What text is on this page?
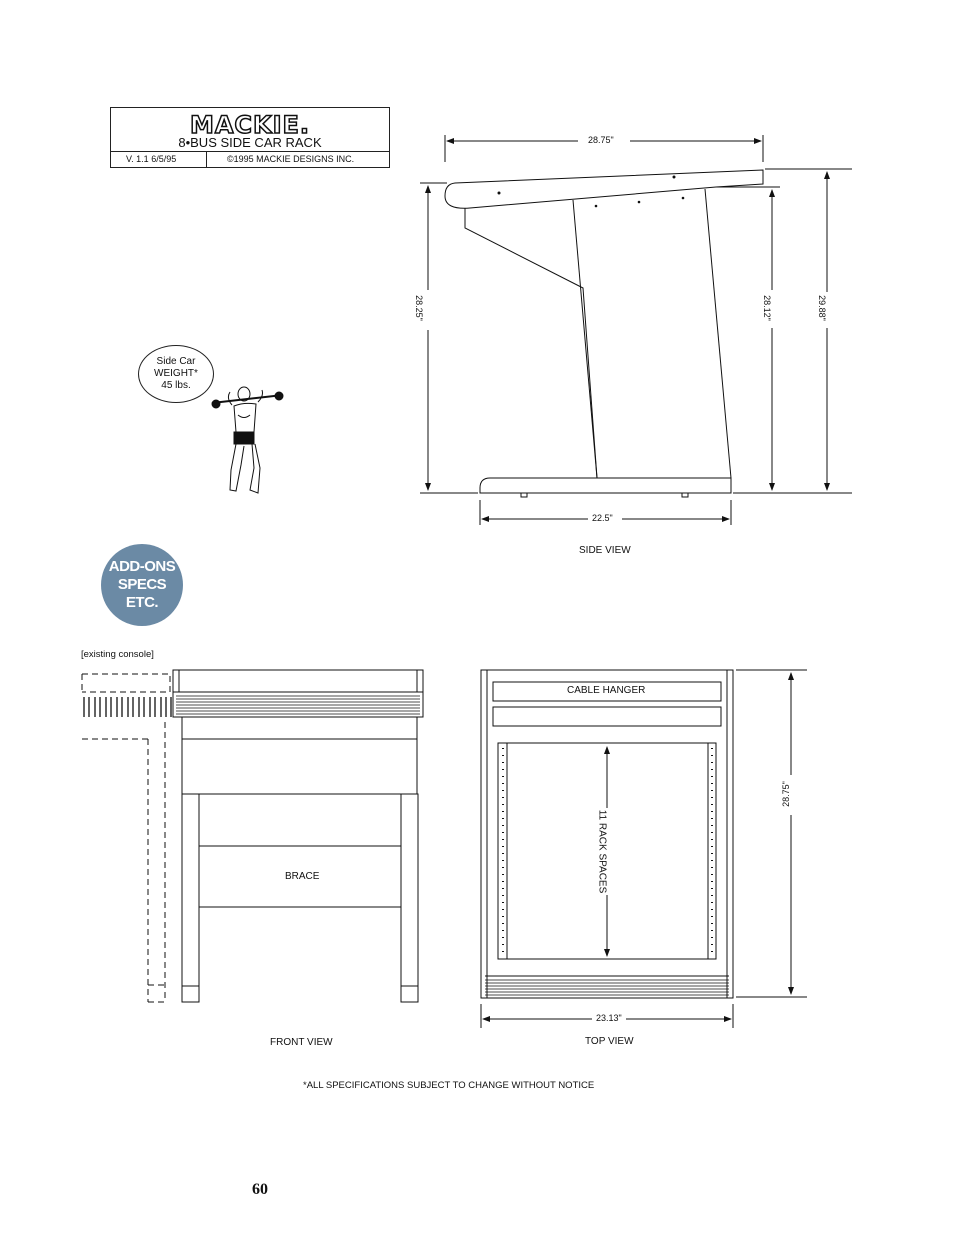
MACKIE.
8•BUS SIDE CAR RACK
V. 1.1 6/5/95	©1995 MACKIE DESIGNS INC.
Side Car
WEIGHT*
45 lbs.
ADD-ONS
SPECS
ETC.
28.75"
28.25"	28.12"	29.88"
22.5"
SIDE VIEW
[existing console]
BRACE
FRONT VIEW
CABLE HANGER
11 RACK SPACES
28.75"
23.13"
TOP VIEW
*ALL SPECIFICATIONS SUBJECT TO CHANGE WITHOUT NOTICE
60
